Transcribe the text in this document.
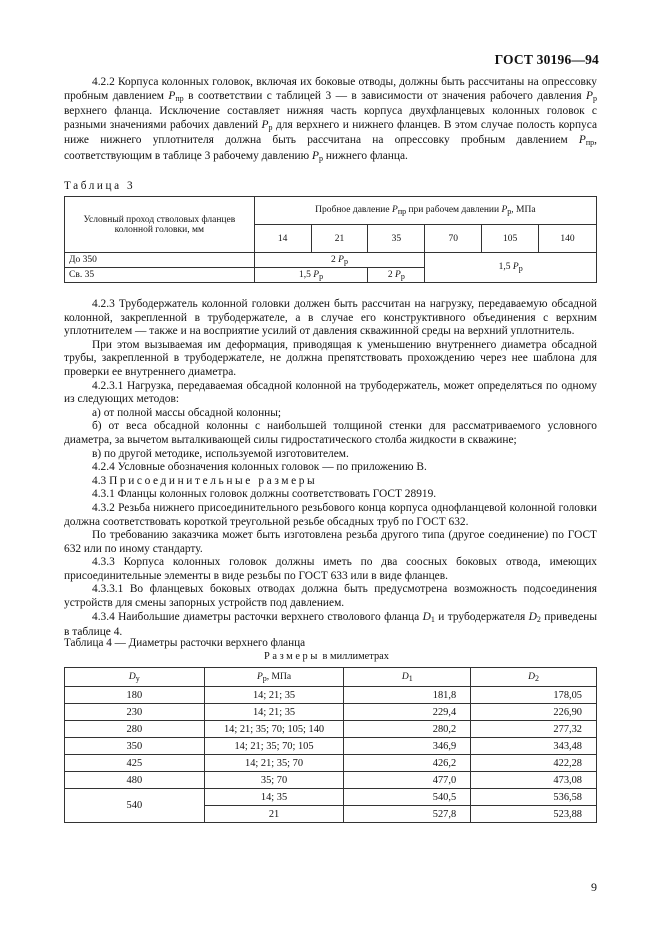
ГОСТ 30196—94

4.2.2 Корпуса колонных головок, включая их боковые отводы, должны быть рассчитаны на опрессовку пробным давлением $P_{пр}$ в соответствии с таблицей 3 — в зависимости от значения рабочего давления $P_р$ верхнего фланца. Исключение составляет нижняя часть корпуса двухфланцевых колонных головок с разными значениями рабочих давлений $P_р$ для верхнего и нижнего фланцев. В этом случае полость корпуса ниже нижнего уплотнителя должна быть рассчитана на опрессовку пробным давлением $P_{пр}$, соответствующим в таблице 3 рабочему давлению $P_р$ нижнего фланца.

Таблица 3
Условный проход стволовых фланцев колонной головки, мм	Пробное давление $P_{пр}$ при рабочем давлении $P_р$, МПа					
	14	21	35	70	105	140
До 350	2 $P_р$			1,5 $P_р$
Св. 35	1,5 $P_р$		2 $P_р$

4.2.3 Трубодержатель колонной головки должен быть рассчитан на нагрузку, передаваемую обсадной колонной, закрепленной в трубодержателе, а в случае его конструктивного объединения с верхним уплотнителем — также и на восприятие усилий от давления скважинной среды на верхний уплотнитель.

При этом вызываемая им деформация, приводящая к уменьшению внутреннего диаметра обсадной трубы, закрепленной в трубодержателе, не должна препятствовать прохождению через нее шаблона для проверки ее внутреннего диаметра.

4.2.3.1 Нагрузка, передаваемая обсадной колонной на трубодержатель, может определяться по одному из следующих методов:

а) от полной массы обсадной колонны;

б) от веса обсадной колонны с наибольшей толщиной стенки для рассматриваемого условного диаметра, за вычетом выталкивающей силы гидростатического столба жидкости в скважине;

в) по другой методике, используемой изготовителем.

4.2.4 Условные обозначения колонных головок — по приложению В.

4.3 Присоединительные размеры

4.3.1 Фланцы колонных головок должны соответствовать ГОСТ 28919.

4.3.2 Резьба нижнего присоединительного резьбового конца корпуса однофланцевой колонной головки должна соответствовать короткой треугольной резьбе обсадных труб по ГОСТ 632.

По требованию заказчика может быть изготовлена резьба другого типа (другое соединение) по ГОСТ 632 или по иному стандарту.

4.3.3 Корпуса колонных головок должны иметь по два соосных боковых отвода, имеющих присоединительные элементы в виде резьбы по ГОСТ 633 или в виде фланцев.

4.3.3.1 Во фланцевых боковых отводах должна быть предусмотрена возможность подсоединения устройств для смены запорных устройств под давлением.

4.3.4 Наибольшие диаметры расточки верхнего стволового фланца $D_1$ и трубодержателя $D_2$ приведены в таблице 4.

Таблица 4 — Диаметры расточки верхнего фланца
Размеры в миллиметрах
$D_у$	$P_р$, МПа	$D_1$	$D_2$
180	14; 21; 35	181,8	178,05
230	14; 21; 35	229,4	226,90
280	14; 21; 35; 70; 105; 140	280,2	277,32
350	14; 21; 35; 70; 105	346,9	343,48
425	14; 21; 35; 70	426,2	422,28
480	35; 70	477,0	473,08
540	14; 35	540,5	536,58
	21	527,8	523,88
9
